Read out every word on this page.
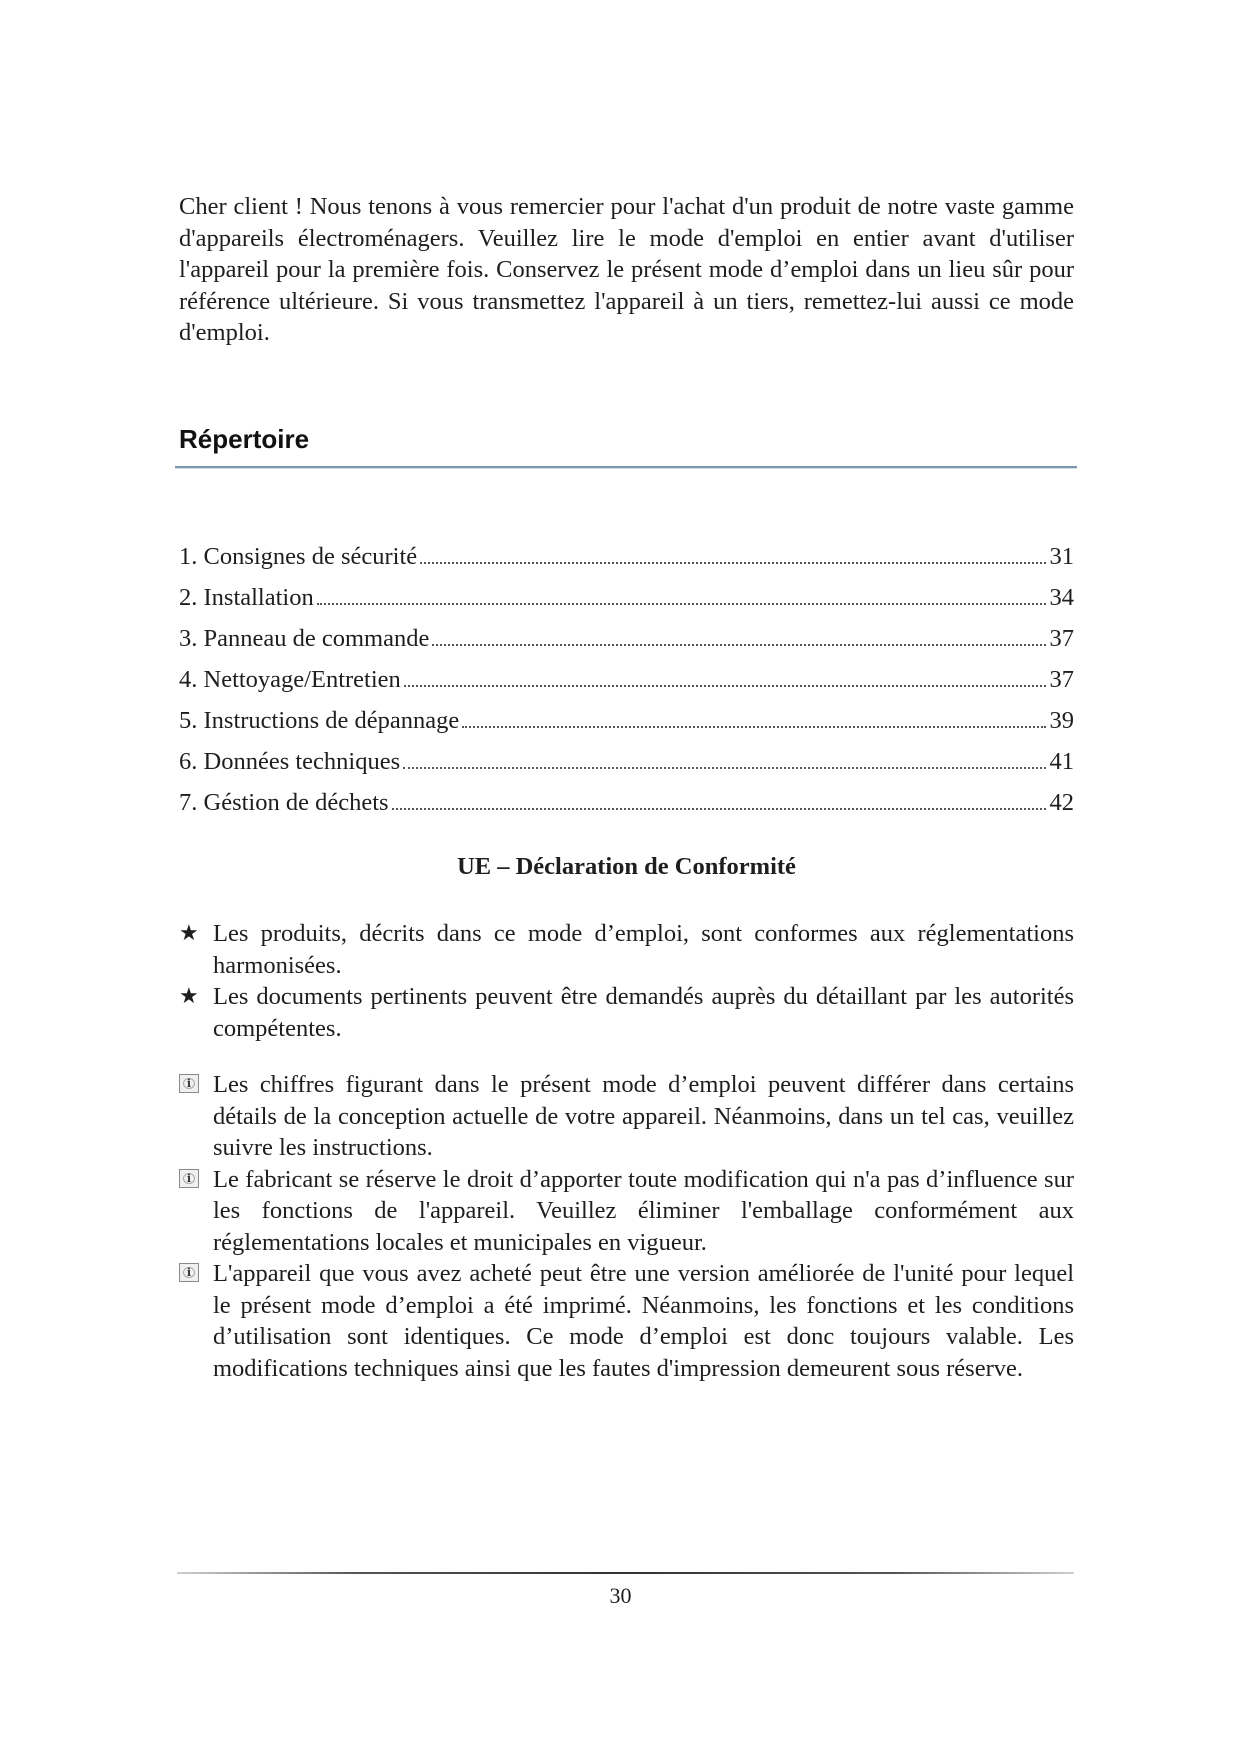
Cher client ! Nous tenons à vous remercier pour l'achat d'un produit de notre vaste gamme d'appareils électroménagers. Veuillez lire le mode d'emploi en entier avant d'utiliser l'appareil pour la première fois. Conservez le présent mode d’emploi dans un lieu sûr pour référence ultérieure. Si vous transmettez l'appareil à un tiers, remettez-lui aussi ce mode d'emploi.

Répertoire
1. Consignes de sécurité	31
2. Installation	34
3. Panneau de commande	37
4. Nettoyage/Entretien	37
5. Instructions de dépannage	39
6. Données techniques	41
7. Géstion de déchets	42
UE – Déclaration de Conformité
★ Les produits, décrits dans ce mode d’emploi, sont conformes aux réglementations harmonisées.
★ Les documents pertinents peuvent être demandés auprès du détaillant par les autorités compétentes.
i Les chiffres figurant dans le présent mode d’emploi peuvent différer dans certains détails de la conception actuelle de votre appareil. Néanmoins, dans un tel cas, veuillez suivre les instructions.
i Le fabricant se réserve le droit d’apporter toute modification qui n'a pas d’influence sur les fonctions de l'appareil. Veuillez éliminer l'emballage conformément aux réglementations locales et municipales en vigueur.
i L'appareil que vous avez acheté peut être une version améliorée de l'unité pour lequel le présent mode d’emploi a été imprimé. Néanmoins, les fonctions et les conditions d’utilisation sont identiques. Ce mode d’emploi est donc toujours valable. Les modifications techniques ainsi que les fautes d'impression demeurent sous réserve.

30
